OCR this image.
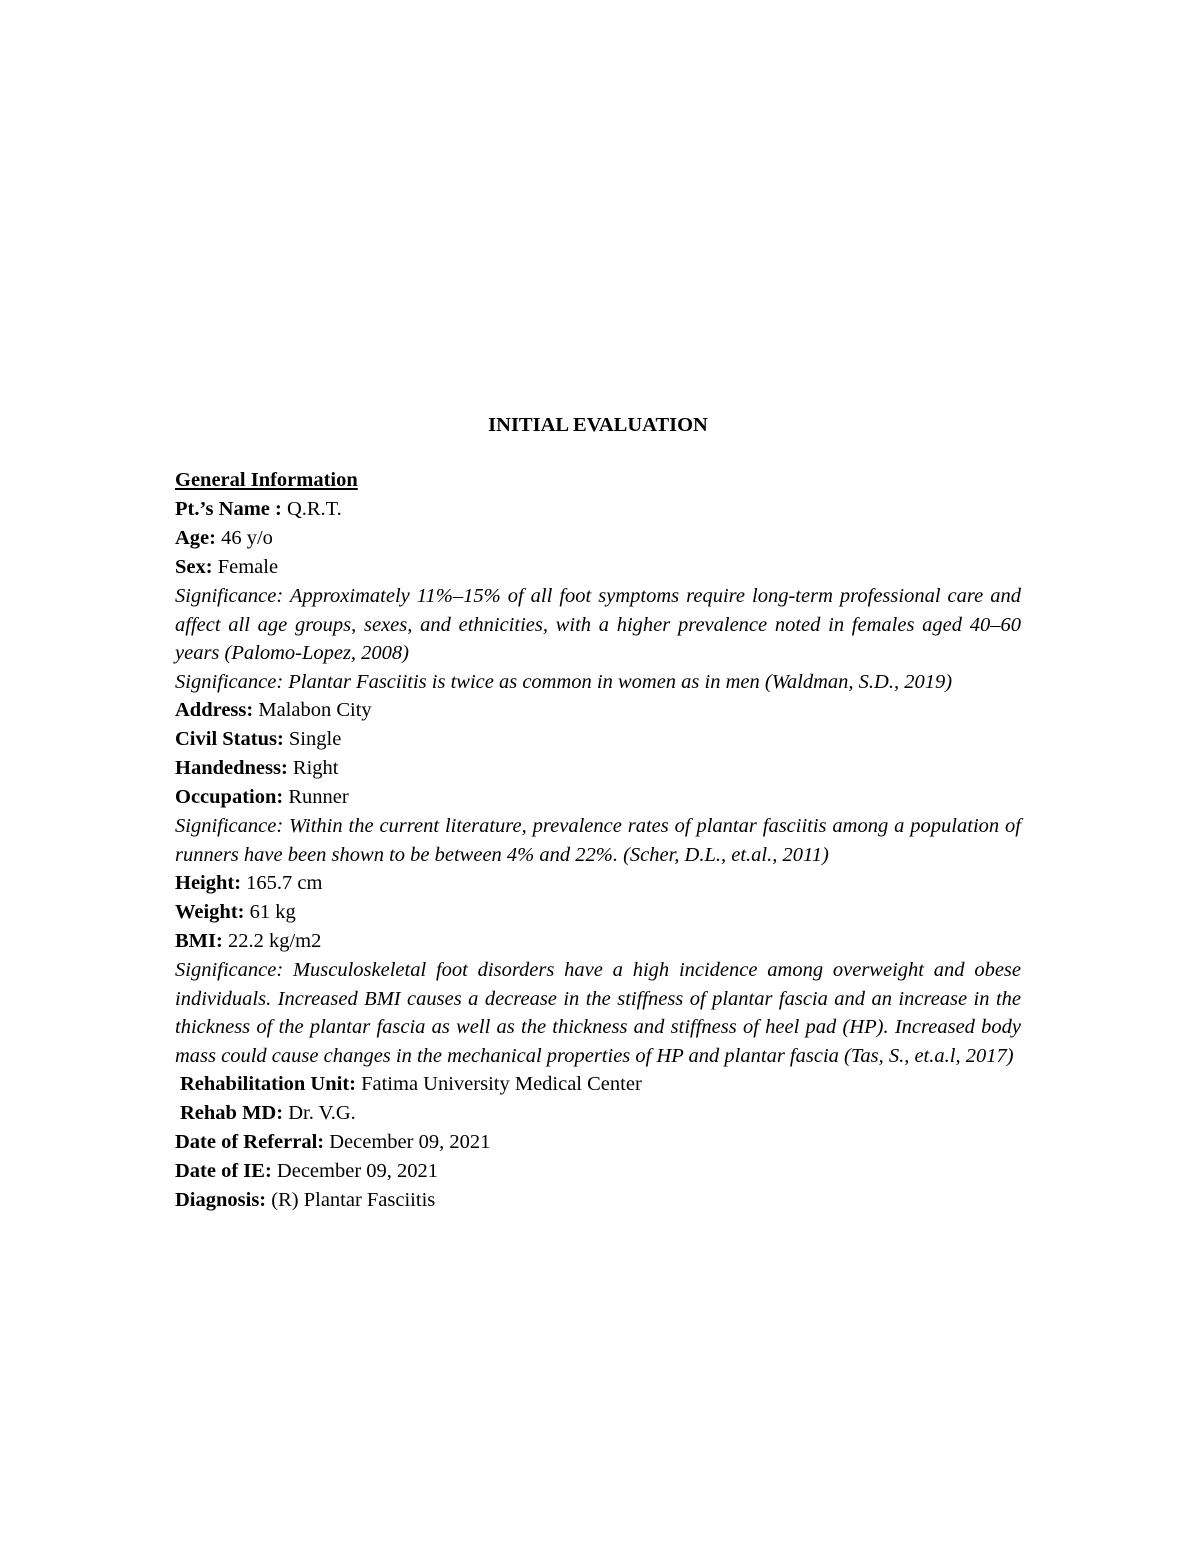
INITIAL EVALUATION

General Information

Pt.’s Name : Q.R.T.

Age: 46 y/o

Sex: Female

Significance: Approximately 11%–15% of all foot symptoms require long-term professional care and affect all age groups, sexes, and ethnicities, with a higher prevalence noted in females aged 40–60 years (Palomo-Lopez, 2008)

Significance: Plantar Fasciitis is twice as common in women as in men (Waldman, S.D., 2019)

Address: Malabon City

Civil Status: Single

Handedness: Right

Occupation: Runner

Significance: Within the current literature, prevalence rates of plantar fasciitis among a population of runners have been shown to be between 4% and 22%. (Scher, D.L., et.al., 2011)

Height: 165.7 cm

Weight: 61 kg

BMI: 22.2 kg/m2

Significance: Musculoskeletal foot disorders have a high incidence among overweight and obese individuals. Increased BMI causes a decrease in the stiffness of plantar fascia and an increase in the thickness of the plantar fascia as well as the thickness and stiffness of heel pad (HP). Increased body mass could cause changes in the mechanical properties of HP and plantar fascia (Tas, S., et.a.l, 2017)

Rehabilitation Unit: Fatima University Medical Center

Rehab MD: Dr. V.G.

Date of Referral: December 09, 2021

Date of IE: December 09, 2021

Diagnosis: (R) Plantar Fasciitis
